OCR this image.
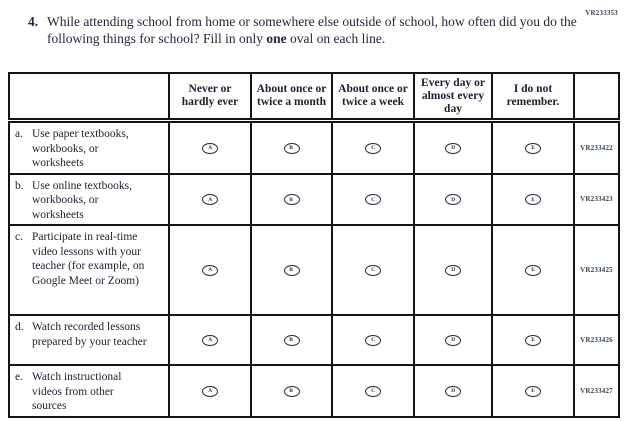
VR233353
4. While attending school from home or somewhere else outside of school, how often did you do the following things for school? Fill in only one oval on each line.
	Never or hardly ever	About once or twice a month	About once or twice a week	Every day or almost every day	I do not remember.	

a. Use paper textbooks, workbooks, or worksheets	A	B	C	D	E	VR233422

b. Use online textbooks, workbooks, or worksheets	A	B	C	D	E	VR233423

c. Participate in real-time video lessons with your teacher (for example, on Google Meet or Zoom)	A	B	C	D	E	VR233425

d. Watch recorded lessons prepared by your teacher	A	B	C	D	E	VR233426

e. Watch instructional videos from other sources	A	B	C	D	E	VR233427
